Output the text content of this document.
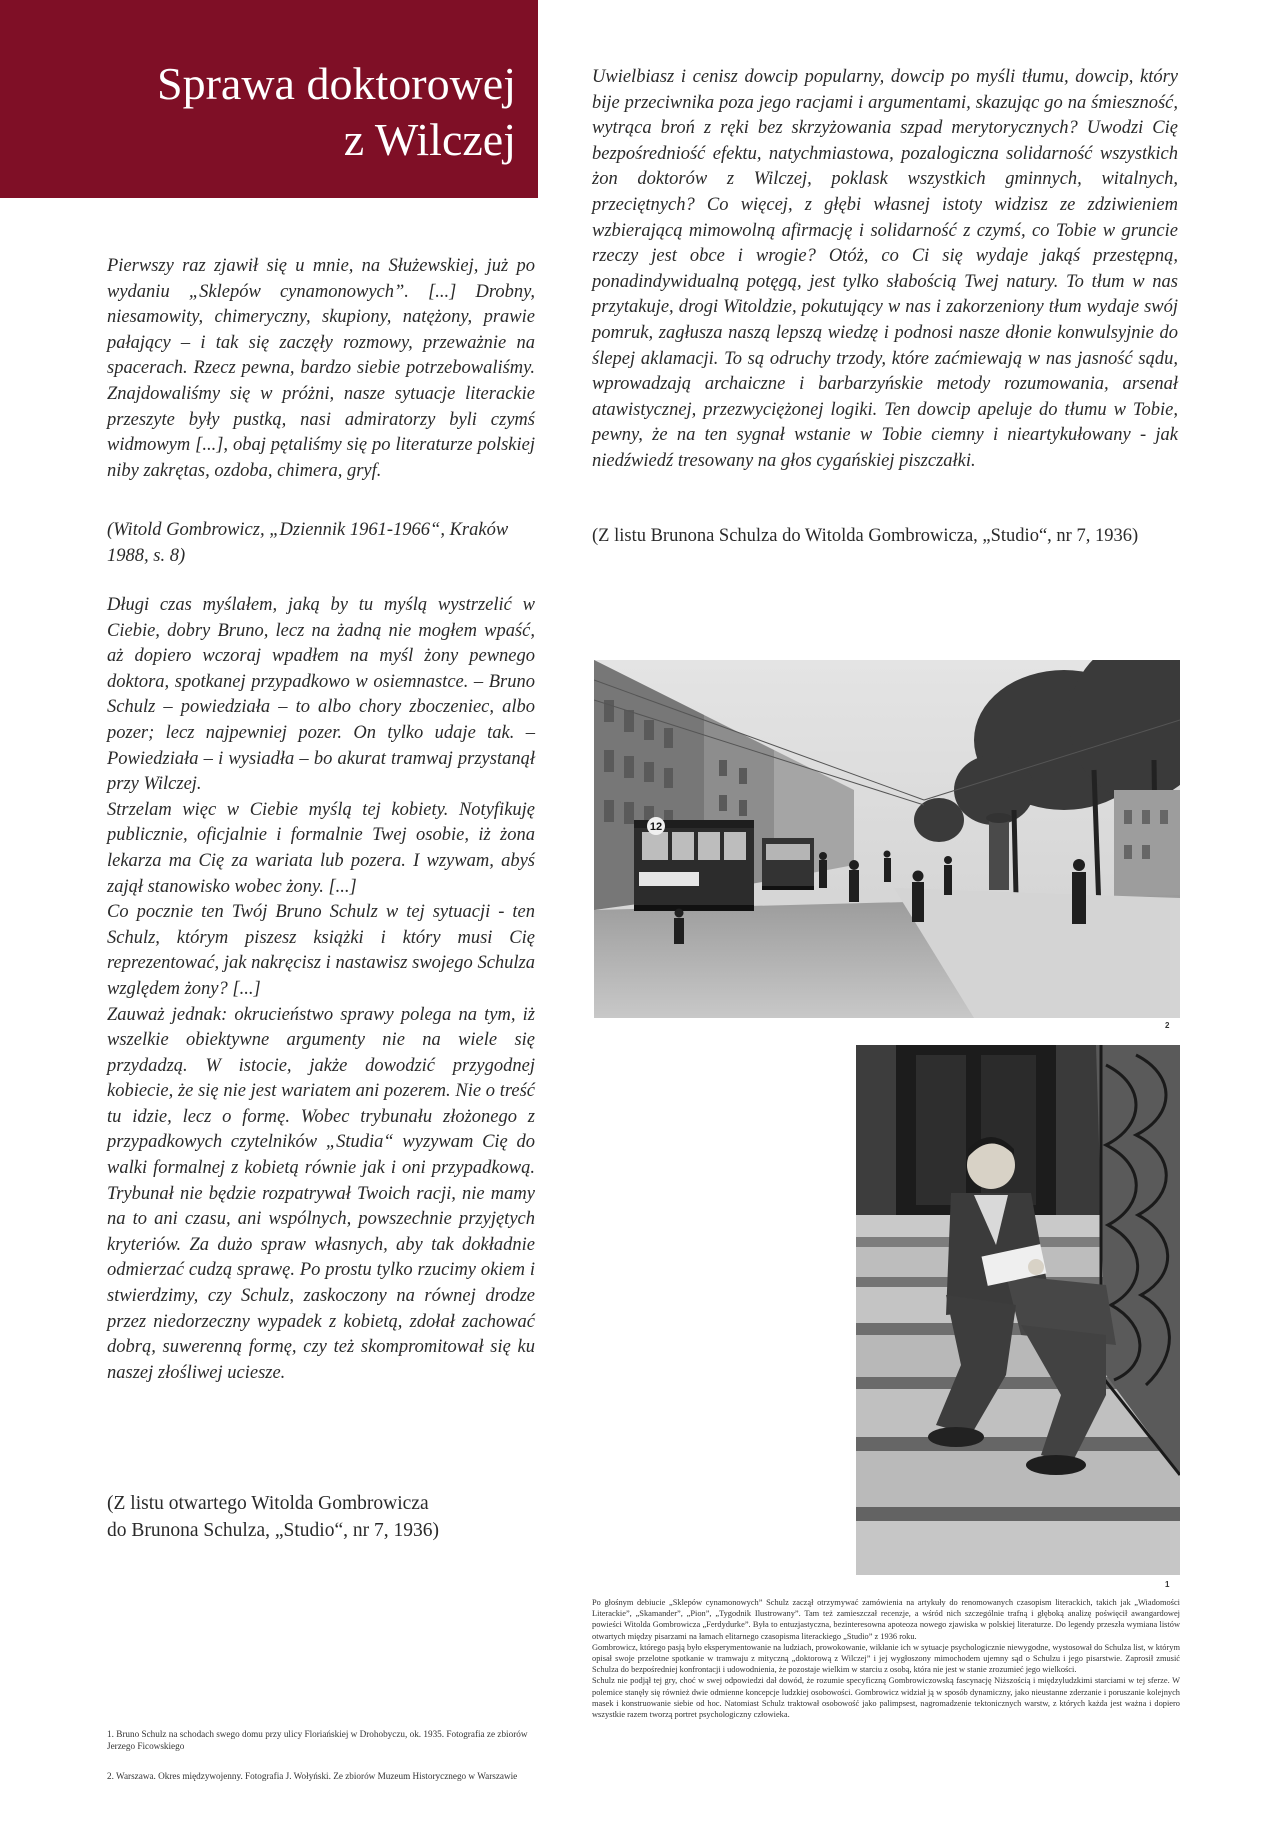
Sprawa doktorowej
z Wilczej

Pierwszy raz zjawił się u mnie, na Służewskiej, już po wydaniu „Sklepów cynamonowych”. [...] Drobny, niesamowity, chimeryczny, skupiony, natężony, prawie pałający – i tak się zaczęły rozmowy, przeważnie na spacerach. Rzecz pewna, bardzo siebie potrzebowaliśmy. Znajdowaliśmy się w próżni, nasze sytuacje literackie przeszyte były pustką, nasi admiratorzy byli czymś widmowym [...], obaj pętaliśmy się po literaturze polskiej niby zakrętas, ozdoba, chimera, gryf.

(Witold Gombrowicz, „Dziennik 1961-1966“, Kraków 1988, s. 8)

Długi czas myślałem, jaką by tu myślą wystrzelić w Ciebie, dobry Bruno, lecz na żadną nie mogłem wpaść, aż dopiero wczoraj wpadłem na myśl żony pewnego doktora, spotkanej przypadkowo w osiemnastce. – Bruno Schulz – powiedziała – to albo chory zboczeniec, albo pozer; lecz najpewniej pozer. On tylko udaje tak. – Powiedziała – i wysiadła – bo akurat tramwaj przystanął przy Wilczej.
Strzelam więc w Ciebie myślą tej kobiety. Notyfikuję publicznie, oficjalnie i formalnie Twej osobie, iż żona lekarza ma Cię za wariata lub pozera. I wzywam, abyś zajął stanowisko wobec żony. [...]
Co pocznie ten Twój Bruno Schulz w tej sytuacji - ten Schulz, którym piszesz książki i który musi Cię reprezentować, jak nakręcisz i nastawisz swojego Schulza względem żony? [...]
Zauważ jednak: okrucieństwo sprawy polega na tym, iż wszelkie obiektywne argumenty nie na wiele się przydadzą. W istocie, jakże dowodzić przygodnej kobiecie, że się nie jest wariatem ani pozerem. Nie o treść tu idzie, lecz o formę. Wobec trybunału złożonego z przypadkowych czytelników „Studia“ wyzywam Cię do walki formalnej z kobietą równie jak i oni przypadkową. Trybunał nie będzie rozpatrywał Twoich racji, nie mamy na to ani czasu, ani wspólnych, powszechnie przyjętych kryteriów. Za dużo spraw własnych, aby tak dokładnie odmierzać cudzą sprawę. Po prostu tylko rzucimy okiem i stwierdzimy, czy Schulz, zaskoczony na równej drodze przez niedorzeczny wypadek z kobietą, zdołał zachować dobrą, suwerenną formę, czy też skompromitował się ku naszej złośliwej uciesze.

(Z listu otwartego Witolda Gombrowicza
do Brunona Schulza, „Studio“, nr 7, 1936)

Uwielbiasz i cenisz dowcip popularny, dowcip po myśli tłumu, dowcip, który bije przeciwnika poza jego racjami i argumentami, skazując go na śmieszność, wytrąca broń z ręki bez skrzyżowania szpad merytorycznych? Uwodzi Cię bezpośredniość efektu, natychmiastowa, pozalogiczna solidarność wszystkich żon doktorów z Wilczej, poklask wszystkich gminnych, witalnych, przeciętnych? Co więcej, z głębi własnej istoty widzisz ze zdziwieniem wzbierającą mimowolną afirmację i solidarność z czymś, co Tobie w gruncie rzeczy jest obce i wrogie? Otóż, co Ci się wydaje jakąś przestępną, ponadindywidualną potęgą, jest tylko słabością Twej natury. To tłum w nas przytakuje, drogi Witoldzie, pokutujący w nas i zakorzeniony tłum wydaje swój pomruk, zagłusza naszą lepszą wiedzę i podnosi nasze dłonie konwulsyjnie do ślepej aklamacji. To są odruchy trzody, które zaćmiewają w nas jasność sądu, wprowadzają archaiczne i barbarzyńskie metody rozumowania, arsenał atawistycznej, przezwyciężonej logiki. Ten dowcip apeluje do tłumu w Tobie, pewny, że na ten sygnał wstanie w Tobie ciemny i nieartykułowany - jak niedźwiedź tresowany na głos cygańskiej piszczałki.

(Z listu Brunona Schulza do Witolda Gombrowicza, „Studio“, nr 7, 1936)

12
2
1

Po głośnym debiucie „Sklepów cynamonowych” Schulz zaczął otrzymywać zamówienia na artykuły do renomowanych czasopism literackich, takich jak „Wiadomości Literackie”, „Skamander”, „Pion”, „Tygodnik Ilustrowany”. Tam też zamieszczał recenzje, a wśród nich szczególnie trafną i głęboką analizę poświęcił awangardowej powieści Witolda Gombrowicza „Ferdydurke”. Była to entuzjastyczna, bezinteresowna apoteoza nowego zjawiska w polskiej literaturze. Do legendy przeszła wymiana listów otwartych między pisarzami na łamach elitarnego czasopisma literackiego „Studio” z 1936 roku.

Gombrowicz, którego pasją było eksperymentowanie na ludziach, prowokowanie, wikłanie ich w sytuacje psychologicznie niewygodne, wystosował do Schulza list, w którym opisał swoje przelotne spotkanie w tramwaju z mityczną „doktorową z Wilczej” i jej wygłoszony mimochodem ujemny sąd o Schulzu i jego pisarstwie. Zaprosił zmusić Schulza do bezpośredniej konfrontacji i udowodnienia, że pozostaje wielkim w starciu z osobą, która nie jest w stanie zrozumieć jego wielkości.

Schulz nie podjął tej gry, choć w swej odpowiedzi dał dowód, że rozumie specyficzną Gombrowiczowską fascynację Niższością i międzyludzkimi starciami w tej sferze. W polemice stanęły się również dwie odmienne koncepcje ludzkiej osobowości. Gombrowicz widział ją w sposób dynamiczny, jako nieustanne zderzanie i poruszanie kolejnych masek i konstruowanie siebie od hoc. Natomiast Schulz traktował osobowość jako palimpsest, nagromadzenie tektonicznych warstw, z których każda jest ważna i dopiero wszystkie razem tworzą portret psychologiczny człowieka.

1. Bruno Schulz na schodach swego domu przy ulicy Floriańskiej w Drohobyczu, ok. 1935. Fotografia ze zbiorów Jerzego Ficowskiego

2. Warszawa. Okres międzywojenny. Fotografia J. Wołyński. Ze zbiorów Muzeum Historycznego w Warszawie
